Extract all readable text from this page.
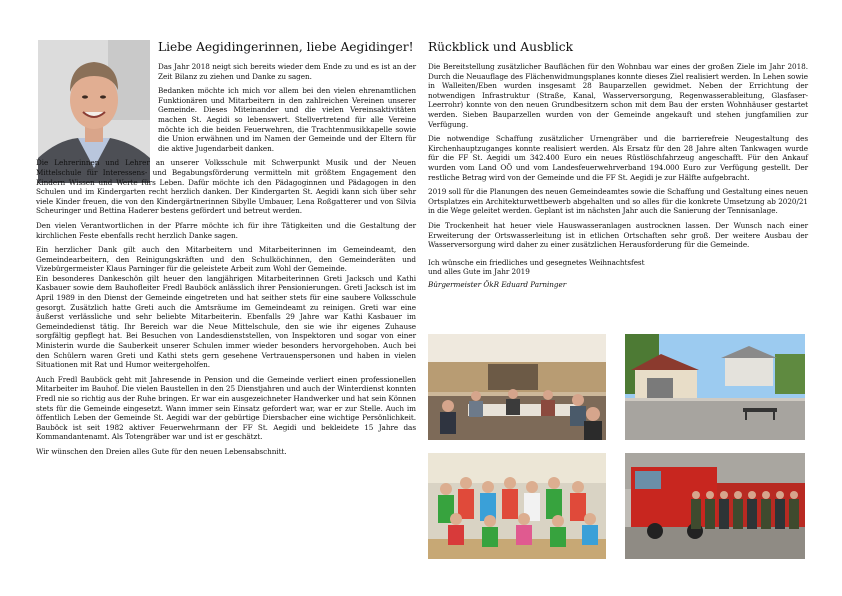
Liebe Aegidingerinnen, liebe Aegidinger!

Das Jahr 2018 neigt sich bereits wieder dem Ende zu und es ist an der Zeit Bilanz zu ziehen und Danke zu sagen.

Bedanken möchte ich mich vor allem bei den vielen ehrenamtlichen Funktionären und Mitarbeitern in den zahlreichen Vereinen unserer Gemeinde. Dieses Miteinander und die vielen Vereinsaktivitäten machen St. Aegidi so lebenswert. Stellvertretend für alle Vereine möchte ich die beiden Feuerwehren, die Trachtenmusikkapelle sowie die Union erwähnen und im Namen der Gemeinde und der Eltern für die aktive Jugendarbeit danken.

Die Lehrerinnen und Lehrer an unserer Volksschule mit Schwerpunkt Musik und der Neuen Mittelschule für Interessens- und Begabungsförderung vermitteln mit größtem Engagement den Kindern Wissen und Werte fürs Leben. Dafür möchte ich den Pädagoginnen und Pädagogen in den Schulen und im Kindergarten recht herzlich danken. Der Kindergarten St. Aegidi kann sich über sehr viele Kinder freuen, die von den Kindergärtnerinnen Sibylle Umbauer, Lena Roßgatterer und von Silvia Scheuringer und Bettina Haderer bestens gefördert und betreut werden.

Den vielen Verantwortlichen in der Pfarre möchte ich für ihre Tätigkeiten und die Gestaltung der kirchlichen Feste ebenfalls recht herzlich Danke sagen.

Ein herzlicher Dank gilt auch den Mitarbeitern und Mitarbeiterinnen im Gemeindeamt, den Gemeindearbeitern, den Reinigungskräften und den Schulköchinnen, den Gemeinderäten und Vizebürgermeister Klaus Parninger für die geleistete Arbeit zum Wohl der Gemeinde.

Ein besonderes Dankeschön gilt heuer den langjährigen Mitarbeiterinnen Greti Jacksch und Kathi Kasbauer sowie dem Bauhofleiter Fredl Bauböck anlässlich ihrer Pensionierungen. Greti Jacksch ist im April 1989 in den Dienst der Gemeinde eingetreten und hat seither stets für eine saubere Volksschule gesorgt. Zusätzlich hatte Greti auch die Amtsräume im Gemeindeamt zu reinigen. Greti war eine äußerst verlässliche und sehr beliebte Mitarbeiterin. Ebenfalls 29 Jahre war Kathi Kasbauer im Gemeindedienst tätig. Ihr Bereich war die Neue Mittelschule, den sie wie ihr eigenes Zuhause sorgfältig gepflegt hat. Bei Besuchen von Landesdienststellen, von Inspektoren und sogar von einer Ministerin wurde die Sauberkeit unserer Schulen immer wieder besonders hervorgehoben. Auch bei den Schülern waren Greti und Kathi stets gern gesehene Vertrauenspersonen und haben in vielen Situationen mit Rat und Humor weitergeholfen.

Auch Fredl Bauböck geht mit Jahresende in Pension und die Gemeinde verliert einen professionellen Mitarbeiter im Bauhof. Die vielen Baustellen in den 25 Dienstjahren und auch der Winterdienst konnten Fredl nie so richtig aus der Ruhe bringen. Er war ein ausgezeichneter Handwerker und hat sein Können stets für die Gemeinde eingesetzt. Wann immer sein Einsatz gefordert war, war er zur Stelle. Auch im öffentlich Leben der Gemeinde St. Aegidi war der gebürtige Diersbacher eine wichtige Persönlichkeit. Bauböck ist seit 1982 aktiver Feuerwehrmann der FF St. Aegidi und bekleidete 15 Jahre das Kommandantenamt. Als Totengräber war und ist er geschätzt.

Wir wünschen den Dreien alles Gute für den neuen Lebensabschnitt.

Rückblick und Ausblick

Die Bereitstellung zusätzlicher Bauflächen für den Wohnbau war eines der großen Ziele im Jahr 2018. Durch die Neuauflage des Flächenwidmungsplanes konnte dieses Ziel realisiert werden. In Lehen sowie in Walleiten/Eben wurden insgesamt 28 Bauparzellen gewidmet. Neben der Errichtung der notwendigen Infrastruktur (Straße, Kanal, Wasserversorgung, Regenwasserableitung, Glasfaser-Leerrohr) konnte von den neuen Grundbesitzern schon mit dem Bau der ersten Wohnhäuser gestartet werden. Sieben Bauparzellen wurden von der Gemeinde angekauft und stehen jungfamilien zur Verfügung.

Die notwendige Schaffung zusätzlicher Urnengräber und die barrierefreie Neugestaltung des Kirchenhauptzuganges konnte realisiert werden. Als Ersatz für den 28 Jahre alten Tankwagen wurde für die FF St. Aegidi um 342.400 Euro ein neues Rüstlöschfahrzeug angeschafft. Für den Ankauf wurden vom Land OÖ und vom Landesfeuerwehrverband 194.000 Euro zur Verfügung gestellt. Der restliche Betrag wird von der Gemeinde und die FF St. Aegidi je zur Hälfte aufgebracht.

2019 soll für die Planungen des neuen Gemeindeamtes sowie die Schaffung und Gestaltung eines neuen Ortsplatzes ein Architekturwettbewerb abgehalten und so alles für die konkrete Umsetzung ab 2020/21 in die Wege geleitet werden. Geplant ist im nächsten Jahr auch die Sanierung der Tennisanlage.

Die Trockenheit hat heuer viele Hauswasseranlagen austrocknen lassen. Der Wunsch nach einer Erweiterung der Ortswasserleitung ist in etlichen Ortschaften sehr groß. Der weitere Ausbau der Wasserversorgung wird daher zu einer zusätzlichen Herausforderung für die Gemeinde.

Ich wünsche ein friedliches und gesegnetes Weihnachtsfest

und alles Gute im Jahr 2019

Bürgermeister ÖkR Eduard Parninger
